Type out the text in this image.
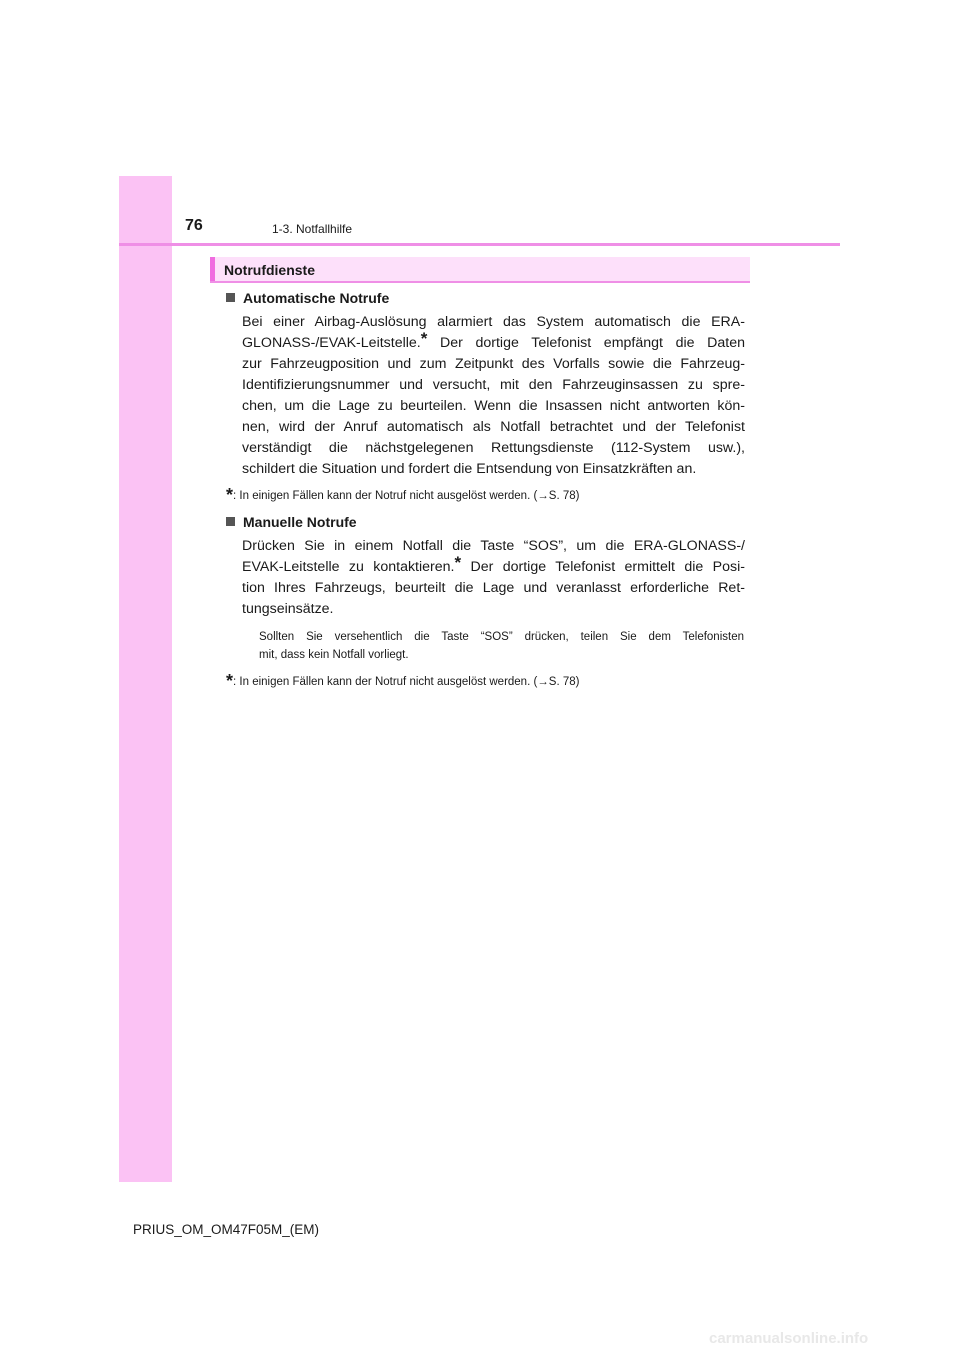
76	1-3. Notfallhilfe
Notrufdienste
Automatische Notrufe
Bei einer Airbag-Auslösung alarmiert das System automatisch die ERA-
GLONASS-/EVAK-Leitstelle.* Der dortige Telefonist empfängt die Daten
zur Fahrzeugposition und zum Zeitpunkt des Vorfalls sowie die Fahrzeug-
Identifizierungsnummer und versucht, mit den Fahrzeuginsassen zu spre-
chen, um die Lage zu beurteilen. Wenn die Insassen nicht antworten kön-
nen, wird der Anruf automatisch als Notfall betrachtet und der Telefonist
verständigt die nächstgelegenen Rettungsdienste (112-System usw.),
schildert die Situation und fordert die Entsendung von Einsatzkräften an.
*: In einigen Fällen kann der Notruf nicht ausgelöst werden. (→S. 78)
Manuelle Notrufe
Drücken Sie in einem Notfall die Taste “SOS”, um die ERA-GLONASS-/
EVAK-Leitstelle zu kontaktieren.* Der dortige Telefonist ermittelt die Posi-
tion Ihres Fahrzeugs, beurteilt die Lage und veranlasst erforderliche Ret-
tungseinsätze.
Sollten Sie versehentlich die Taste “SOS” drücken, teilen Sie dem Telefonisten
mit, dass kein Notfall vorliegt.
*: In einigen Fällen kann der Notruf nicht ausgelöst werden. (→S. 78)
PRIUS_OM_OM47F05M_(EM)
carmanualsonline.info
